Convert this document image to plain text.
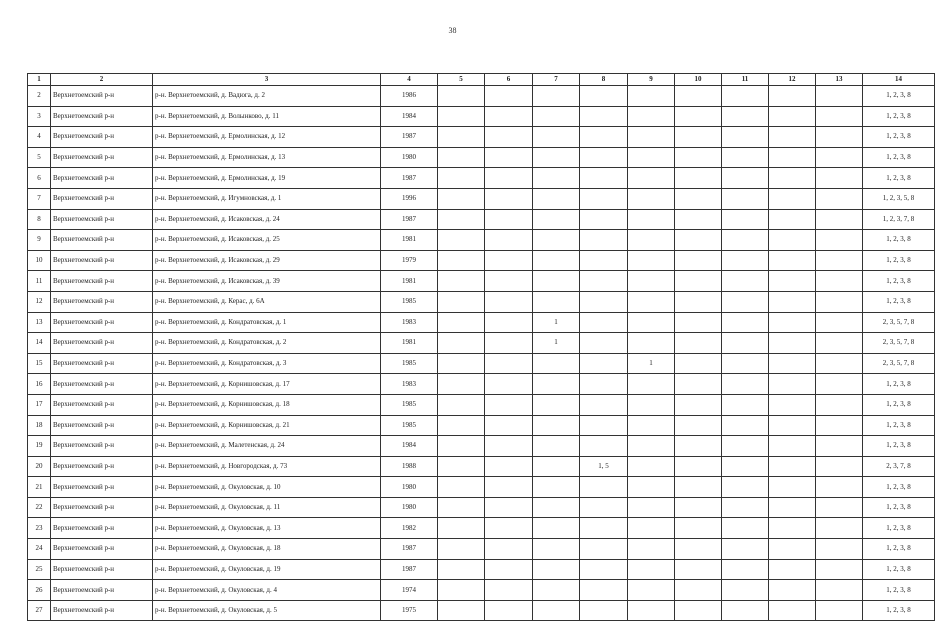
38
1	2	3	4	5	6	7	8	9	10	11	12	13	14
2	Верхнетоемский р-н	р-н. Верхнетоемский, д. Вадюга, д. 2	1986										1, 2, 3, 8
3	Верхнетоемский р-н	р-н. Верхнетоемский, д. Волынково, д. 11	1984										1, 2, 3, 8
4	Верхнетоемский р-н	р-н. Верхнетоемский, д. Ермолинская, д. 12	1987										1, 2, 3, 8
5	Верхнетоемский р-н	р-н. Верхнетоемский, д. Ермолинская, д. 13	1980										1, 2, 3, 8
6	Верхнетоемский р-н	р-н. Верхнетоемский, д. Ермолинская, д. 19	1987										1, 2, 3, 8
7	Верхнетоемский р-н	р-н. Верхнетоемский, д. Игумновская, д. 1	1996										1, 2, 3, 5, 8
8	Верхнетоемский р-н	р-н. Верхнетоемский, д. Исаковская, д. 24	1987										1, 2, 3, 7, 8
9	Верхнетоемский р-н	р-н. Верхнетоемский, д. Исаковская, д. 25	1981										1, 2, 3, 8
10	Верхнетоемский р-н	р-н. Верхнетоемский, д. Исаковская, д. 29	1979										1, 2, 3, 8
11	Верхнетоемский р-н	р-н. Верхнетоемский, д. Исаковская, д. 39	1981										1, 2, 3, 8
12	Верхнетоемский р-н	р-н. Верхнетоемский, д. Керас, д. 6А	1985										1, 2, 3, 8
13	Верхнетоемский р-н	р-н. Верхнетоемский, д. Кондратовская, д. 1	1983			1							2, 3, 5, 7, 8
14	Верхнетоемский р-н	р-н. Верхнетоемский, д. Кондратовская, д. 2	1981			1							2, 3, 5, 7, 8
15	Верхнетоемский р-н	р-н. Верхнетоемский, д. Кондратовская, д. 3	1985					1					2, 3, 5, 7, 8
16	Верхнетоемский р-н	р-н. Верхнетоемский, д. Корнишовская, д. 17	1983										1, 2, 3, 8
17	Верхнетоемский р-н	р-н. Верхнетоемский, д. Корнишовская, д. 18	1985										1, 2, 3, 8
18	Верхнетоемский р-н	р-н. Верхнетоемский, д. Корнишовская, д. 21	1985										1, 2, 3, 8
19	Верхнетоемский р-н	р-н. Верхнетоемский, д. Малетенская, д. 24	1984										1, 2, 3, 8
20	Верхнетоемский р-н	р-н. Верхнетоемский, д. Новгородская, д. 73	1988				1, 5						2, 3, 7, 8
21	Верхнетоемский р-н	р-н. Верхнетоемский, д. Окуловская, д. 10	1980										1, 2, 3, 8
22	Верхнетоемский р-н	р-н. Верхнетоемский, д. Окуловская, д. 11	1980										1, 2, 3, 8
23	Верхнетоемский р-н	р-н. Верхнетоемский, д. Окуловская, д. 13	1982										1, 2, 3, 8
24	Верхнетоемский р-н	р-н. Верхнетоемский, д. Окуловская, д. 18	1987										1, 2, 3, 8
25	Верхнетоемский р-н	р-н. Верхнетоемский, д. Окуловская, д. 19	1987										1, 2, 3, 8
26	Верхнетоемский р-н	р-н. Верхнетоемский, д. Окуловская, д. 4	1974										1, 2, 3, 8
27	Верхнетоемский р-н	р-н. Верхнетоемский, д. Окуловская, д. 5	1975										1, 2, 3, 8
